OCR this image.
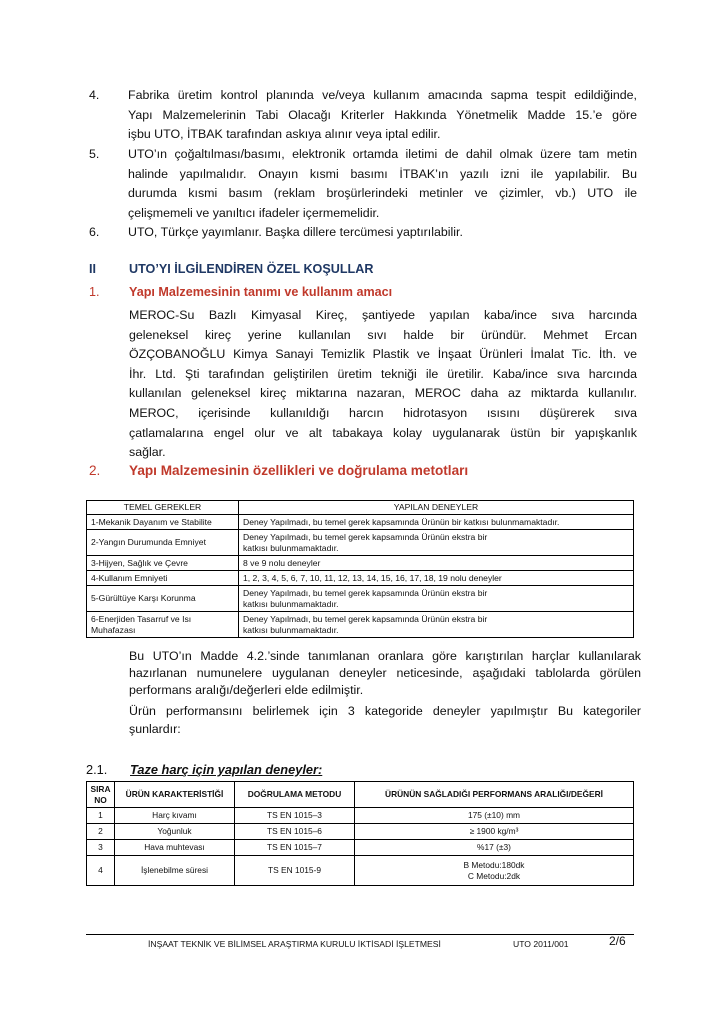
4. Fabrika üretim kontrol planında ve/veya kullanım amacında sapma tespit edildiğinde,
Yapı Malzemelerinin Tabi Olacağı Kriterler Hakkında Yönetmelik Madde 15.’e göre
işbu UTO, İTBAK tarafından askıya alınır veya iptal edilir.
5. UTO’ın çoğaltılması/basımı, elektronik ortamda iletimi de dahil olmak üzere tam metin
halinde yapılmalıdır. Onayın kısmi basımı İTBAK’ın yazılı izni ile yapılabilir. Bu
durumda kısmi basım (reklam broşürlerindeki metinler ve çizimler, vb.) UTO ile
çelişmemeli ve yanıltıcı ifadeler içermemelidir.
6. UTO, Türkçe yayımlanır. Başka dillere tercümesi yaptırılabilir.
II	UTO’YI İLGİLENDİREN ÖZEL KOŞULLAR
1. Yapı Malzemesinin tanımı ve kullanım amacı
MEROC-Su Bazlı Kimyasal Kireç, şantiyede yapılan kaba/ince sıva harcında
geleneksel kireç yerine kullanılan sıvı halde bir üründür. Mehmet Ercan
ÖZÇOBANOĞLU Kimya Sanayi Temizlik Plastik ve İnşaat Ürünleri İmalat Tic. İth. ve
İhr. Ltd. Şti tarafından geliştirilen üretim tekniği ile üretilir. Kaba/ince sıva harcında
kullanılan geleneksel kireç miktarına nazaran, MEROC daha az miktarda kullanılır.
MEROC, içerisinde kullanıldığı harcın hidrotasyon ısısını düşürerek sıva
çatlamalarına engel olur ve alt tabakaya kolay uygulanarak üstün bir yapışkanlık
sağlar.
2. Yapı Malzemesinin özellikleri ve doğrulama metotları
TEMEL GEREKLER	YAPILAN DENEYLER
1-Mekanik Dayanım ve Stabilite	Deney Yapılmadı, bu temel gerek kapsamında Ürünün bir katkısı bulunmamaktadır.
2-Yangın Durumunda Emniyet	Deney Yapılmadı, bu temel gerek kapsamında Ürünün ekstra bir katkısı bulunmamaktadır.
3-Hijyen, Sağlık ve Çevre	8 ve 9 nolu deneyler
4-Kullanım Emniyeti	1, 2, 3, 4, 5, 6, 7, 10, 11, 12, 13, 14, 15, 16, 17, 18, 19 nolu deneyler
5-Gürültüye Karşı Korunma	Deney Yapılmadı, bu temel gerek kapsamında Ürünün ekstra bir katkısı bulunmamaktadır.
6-Enerjiden Tasarruf ve Isı Muhafazası	Deney Yapılmadı, bu temel gerek kapsamında Ürünün ekstra bir katkısı bulunmamaktadır.
Bu UTO’ın Madde 4.2.’sinde tanımlanan oranlara göre karıştırılan harçlar kullanılarak
hazırlanan numunelere uygulanan deneyler neticesinde, aşağıdaki tablolarda görülen
performans aralığı/değerleri elde edilmiştir.
Ürün performansını belirlemek için 3 kategoride deneyler yapılmıştır Bu kategoriler
şunlardır:
2.1. Taze harç için yapılan deneyler:
SIRA NO	ÜRÜN KARAKTERİSTİĞİ	DOĞRULAMA METODU	ÜRÜNÜN SAĞLADIĞI PERFORMANS ARALIĞI/DEĞERİ
1	Harç kıvamı	TS EN 1015–3	175 (±10) mm
2	Yoğunluk	TS EN 1015–6	≥ 1900 kg/m³
3	Hava muhtevası	TS EN 1015–7	%17 (±3)
4	İşlenebilme süresi	TS EN 1015-9	B Metodu:180dk
C Metodu:2dk
İNŞAAT TEKNİK VE BİLİMSEL ARAŞTIRMA KURULU İKTİSADİ İŞLETMESİ	UTO 2011/001	2/6
